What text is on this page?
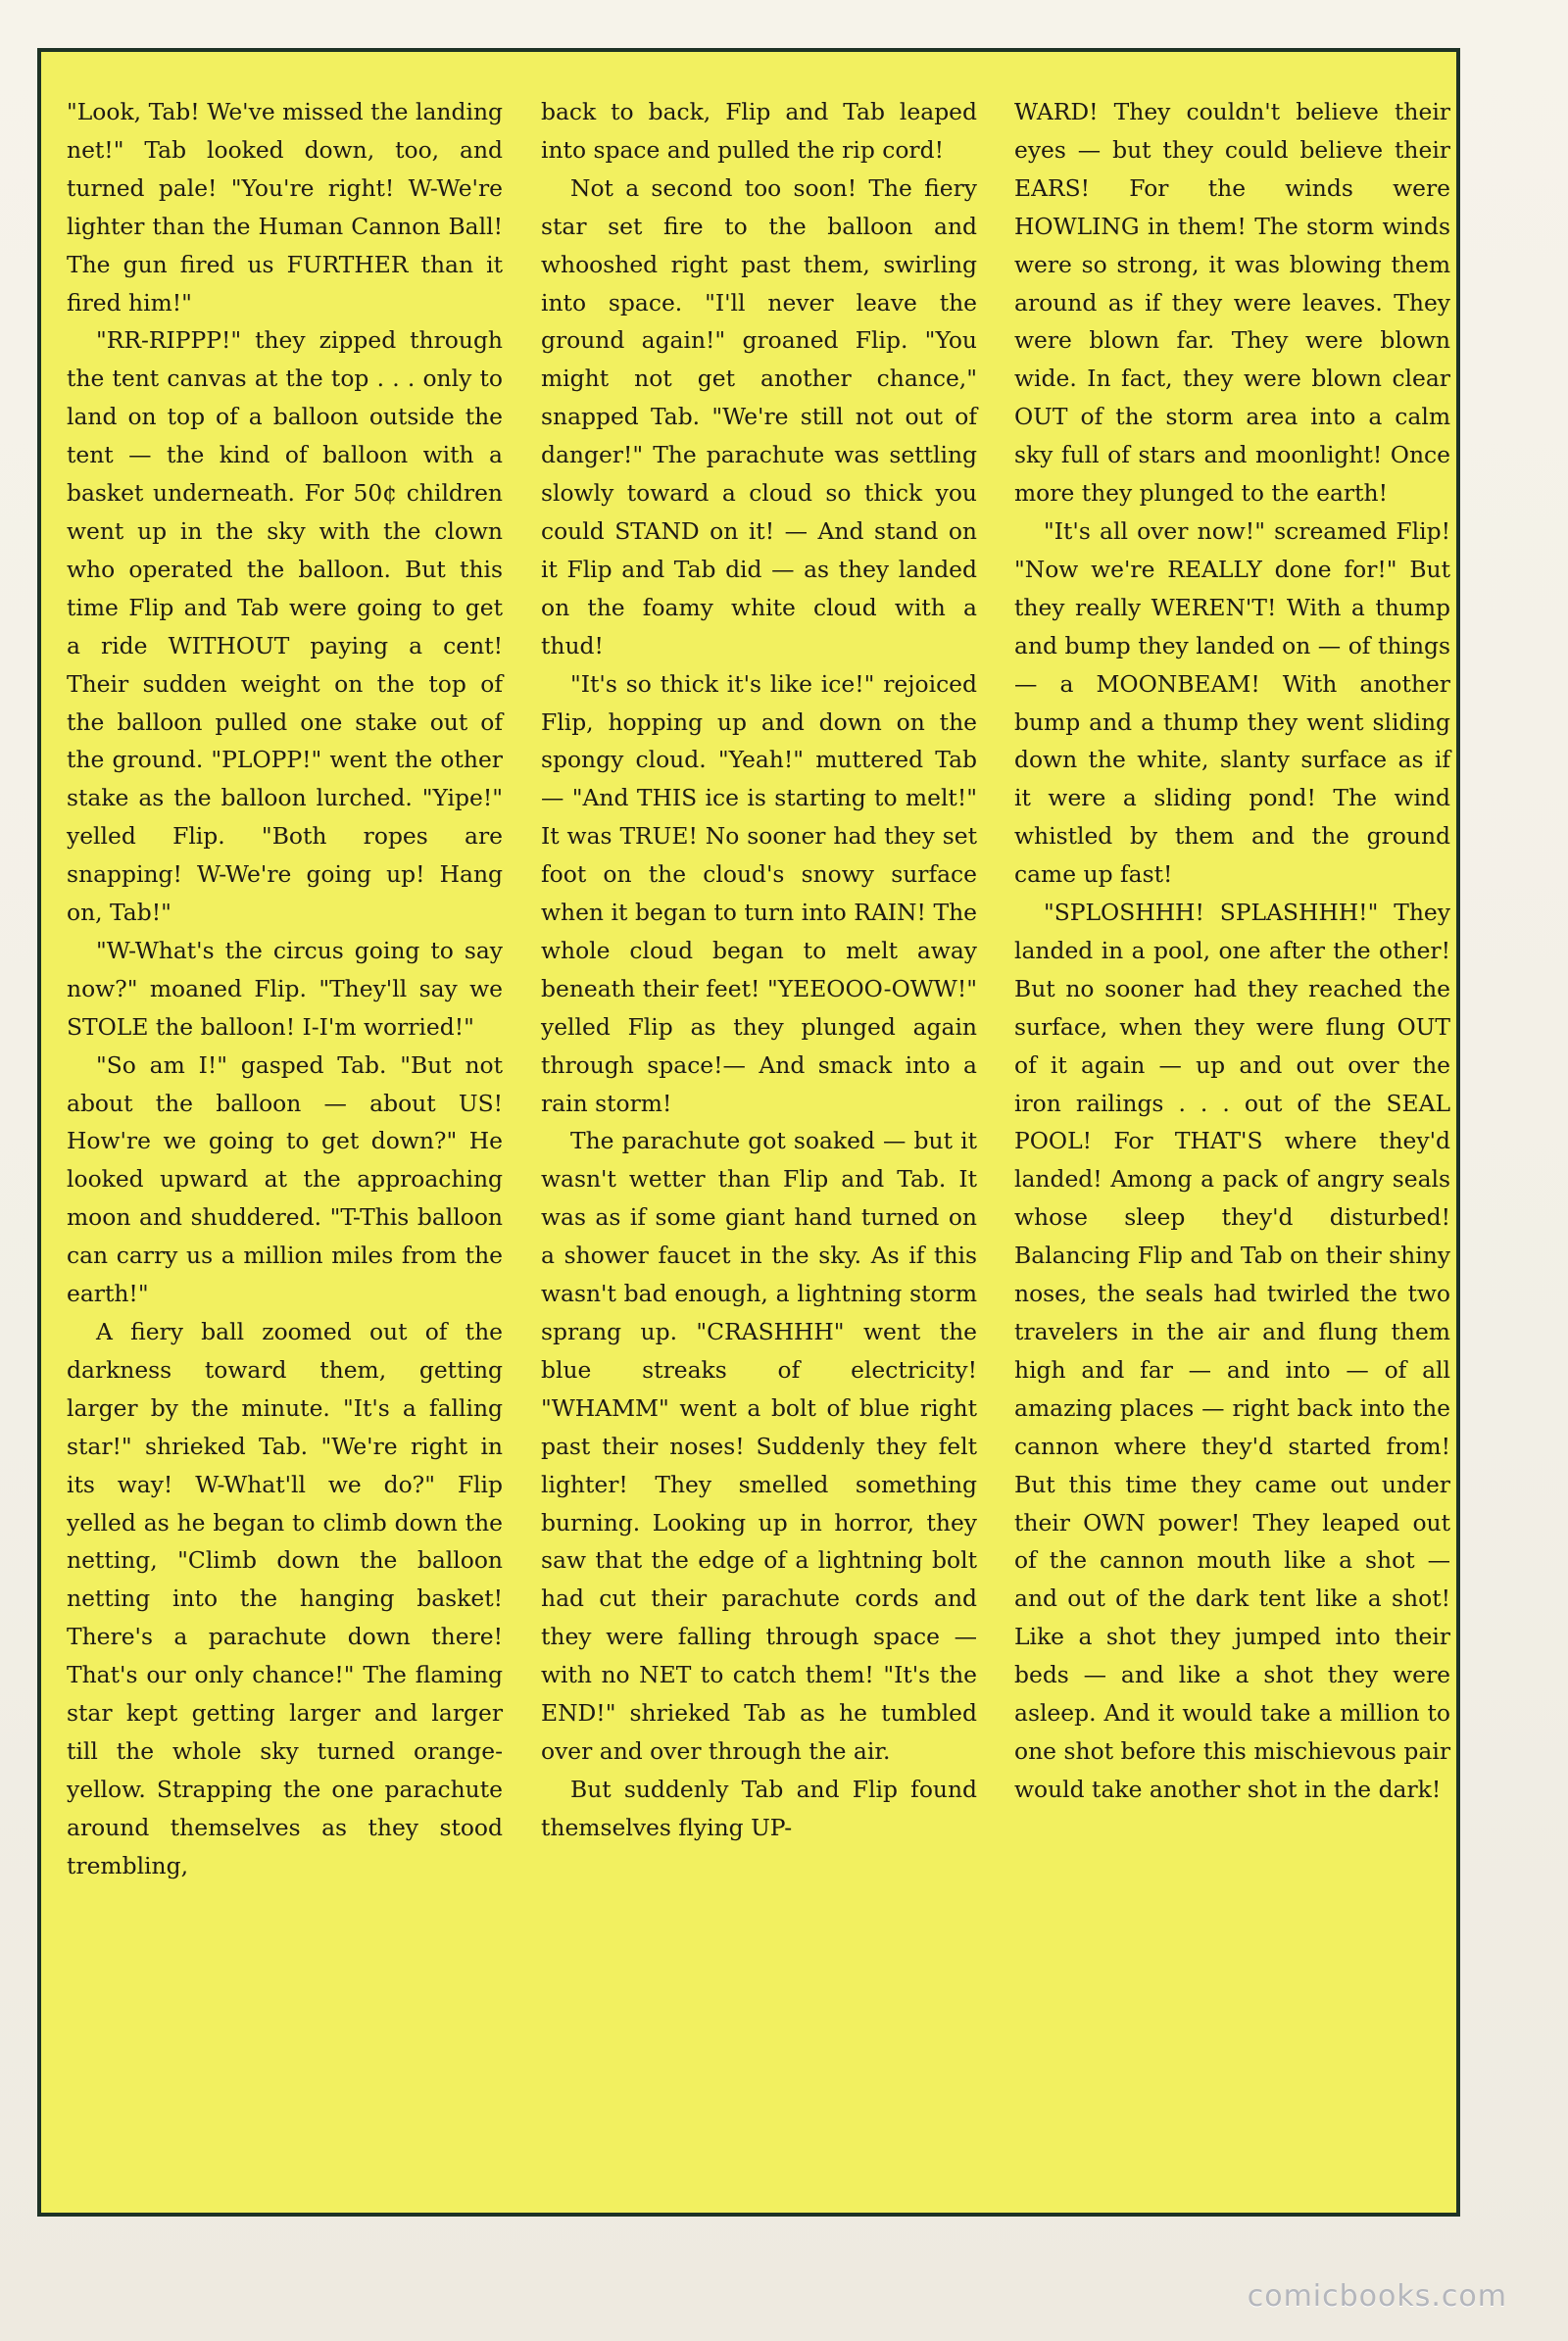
"Look, Tab! We've missed the landing net!" Tab looked down, too, and turned pale! "You're right! W-We're lighter than the Human Cannon Ball! The gun fired us FURTHER than it fired him!"

"RR-RIPPP!" they zipped through the tent canvas at the top . . . only to land on top of a balloon outside the tent — the kind of balloon with a basket underneath. For 50¢ children went up in the sky with the clown who operated the balloon. But this time Flip and Tab were going to get a ride WITHOUT paying a cent! Their sudden weight on the top of the balloon pulled one stake out of the ground. "PLOPP!" went the other stake as the balloon lurched. "Yipe!" yelled Flip. "Both ropes are snapping! W-We're going up! Hang on, Tab!"

"W-What's the circus going to say now?" moaned Flip. "They'll say we STOLE the balloon! I-I'm worried!"

"So am I!" gasped Tab. "But not about the balloon — about US! How're we going to get down?" He looked upward at the approaching moon and shuddered. "T-This balloon can carry us a million miles from the earth!"

A fiery ball zoomed out of the darkness toward them, getting larger by the minute. "It's a falling star!" shrieked Tab. "We're right in its way! W-What'll we do?" Flip yelled as he began to climb down the netting, "Climb down the balloon netting into the hanging basket! There's a parachute down there! That's our only chance!" The flaming star kept getting larger and larger till the whole sky turned orange-yellow. Strapping the one parachute around themselves as they stood trembling,

back to back, Flip and Tab leaped into space and pulled the rip cord!

Not a second too soon! The fiery star set fire to the balloon and whooshed right past them, swirling into space. "I'll never leave the ground again!" groaned Flip. "You might not get another chance," snapped Tab. "We're still not out of danger!" The parachute was settling slowly toward a cloud so thick you could STAND on it! — And stand on it Flip and Tab did — as they landed on the foamy white cloud with a thud!

"It's so thick it's like ice!" rejoiced Flip, hopping up and down on the spongy cloud. "Yeah!" muttered Tab — "And THIS ice is starting to melt!" It was TRUE! No sooner had they set foot on the cloud's snowy surface when it began to turn into RAIN! The whole cloud began to melt away beneath their feet! "YEEOOO-OWW!" yelled Flip as they plunged again through space!— And smack into a rain storm!

The parachute got soaked — but it wasn't wetter than Flip and Tab. It was as if some giant hand turned on a shower faucet in the sky. As if this wasn't bad enough, a lightning storm sprang up. "CRASHHH" went the blue streaks of electricity! "WHAMM" went a bolt of blue right past their noses! Suddenly they felt lighter! They smelled something burning. Looking up in horror, they saw that the edge of a lightning bolt had cut their parachute cords and they were falling through space — with no NET to catch them! "It's the END!" shrieked Tab as he tumbled over and over through the air.

But suddenly Tab and Flip found themselves flying UP-

WARD! They couldn't believe their eyes — but they could believe their EARS! For the winds were HOWLING in them! The storm winds were so strong, it was blowing them around as if they were leaves. They were blown far. They were blown wide. In fact, they were blown clear OUT of the storm area into a calm sky full of stars and moonlight! Once more they plunged to the earth!

"It's all over now!" screamed Flip! "Now we're REALLY done for!" But they really WEREN'T! With a thump and bump they landed on — of things — a MOONBEAM! With another bump and a thump they went sliding down the white, slanty surface as if it were a sliding pond! The wind whistled by them and the ground came up fast!

"SPLOSHHH! SPLASHHH!" They landed in a pool, one after the other! But no sooner had they reached the surface, when they were flung OUT of it again — up and out over the iron railings . . . out of the SEAL POOL! For THAT'S where they'd landed! Among a pack of angry seals whose sleep they'd disturbed! Balancing Flip and Tab on their shiny noses, the seals had twirled the two travelers in the air and flung them high and far — and into — of all amazing places — right back into the cannon where they'd started from! But this time they came out under their OWN power! They leaped out of the cannon mouth like a shot — and out of the dark tent like a shot! Like a shot they jumped into their beds — and like a shot they were asleep. And it would take a million to one shot before this mischievous pair would take another shot in the dark!

comicbooks.com
